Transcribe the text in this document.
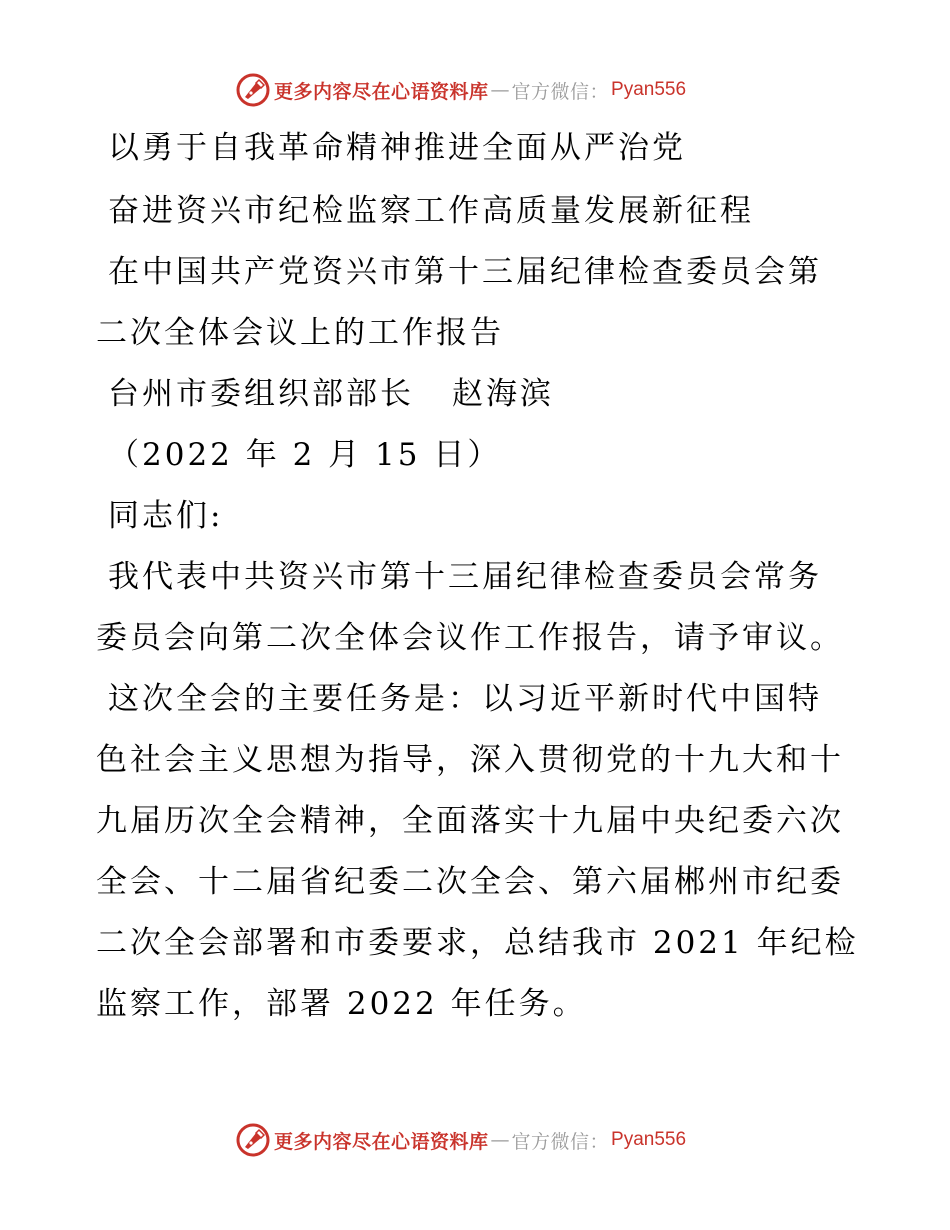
更多内容尽在心语资料库 — 官方微信： Pyan556

以勇于自我革命精神推进全面从严治党

奋进资兴市纪检监察工作高质量发展新征程

在中国共产党资兴市第十三届纪律检查委员会第

二次全体会议上的工作报告

台州市委组织部部长 赵海滨

（2022 年 2 月 15 日）

同志们:

我代表中共资兴市第十三届纪律检查委员会常务

委员会向第二次全体会议作工作报告，请予审议。

这次全会的主要任务是：以习近平新时代中国特

色社会主义思想为指导，深入贯彻党的十九大和十

九届历次全会精神，全面落实十九届中央纪委六次

全会、十二届省纪委二次全会、第六届郴州市纪委

二次全会部署和市委要求，总结我市 2021 年纪检

监察工作，部署 2022 年任务。

更多内容尽在心语资料库 — 官方微信： Pyan556
